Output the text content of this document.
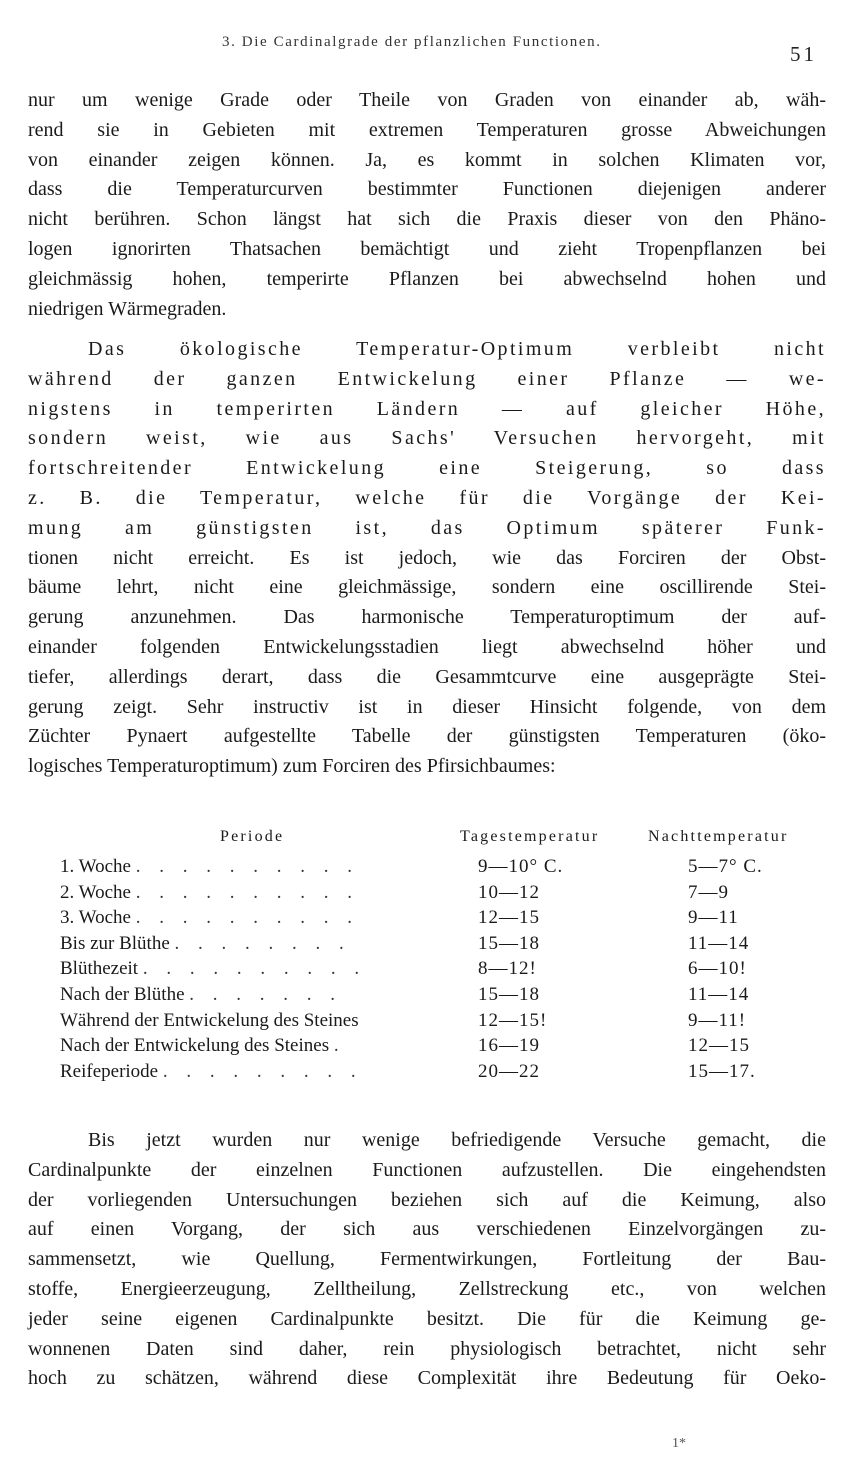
3. Die Cardinalgrade der pflanzlichen Functionen.	51
nur um wenige Grade oder Theile von Graden von einander ab, wäh-
rend sie in Gebieten mit extremen Temperaturen grosse Abweichungen
von einander zeigen können. Ja, es kommt in solchen Klimaten vor,
dass die Temperaturcurven bestimmter Functionen diejenigen anderer
nicht berühren. Schon längst hat sich die Praxis dieser von den Phäno-
logen ignorirten Thatsachen bemächtigt und zieht Tropenpflanzen bei
gleichmässig hohen, temperirte Pflanzen bei abwechselnd hohen und
niedrigen Wärmegraden.
Das ökologische Temperatur-Optimum verbleibt nicht
während der ganzen Entwickelung einer Pflanze — we-
nigstens in temperirten Ländern — auf gleicher Höhe,
sondern weist, wie aus Sachs' Versuchen hervorgeht, mit
fortschreitender Entwickelung eine Steigerung, so dass
z. B. die Temperatur, welche für die Vorgänge der Kei-
mung am günstigsten ist, das Optimum späterer Funk-
tionen nicht erreicht. Es ist jedoch, wie das Forciren der Obst-
bäume lehrt, nicht eine gleichmässige, sondern eine oscillirende Stei-
gerung anzunehmen. Das harmonische Temperaturoptimum der auf-
einander folgenden Entwickelungsstadien liegt abwechselnd höher und
tiefer, allerdings derart, dass die Gesammtcurve eine ausgeprägte Stei-
gerung zeigt. Sehr instructiv ist in dieser Hinsicht folgende, von dem
Züchter Pynaert aufgestellte Tabelle der günstigsten Temperaturen (öko-
logisches Temperaturoptimum) zum Forciren des Pfirsichbaumes:
Periode	Tagestemperatur	Nachttemperatur
1. Woche . . . . . . . . . .	9—10° C.	5—7° C.
2. Woche . . . . . . . . . .	10—12	7—9
3. Woche . . . . . . . . . .	12—15	9—11
Bis zur Blüthe . . . . . . . .	15—18	11—14
Blüthezeit . . . . . . . . . .	8—12!	6—10!
Nach der Blüthe . . . . . . .	15—18	11—14
Während der Entwickelung des Steines	12—15!	9—11!
Nach der Entwickelung des Steines .	16—19	12—15
Reifeperiode . . . . . . . . .	20—22	15—17.
Bis jetzt wurden nur wenige befriedigende Versuche gemacht, die
Cardinalpunkte der einzelnen Functionen aufzustellen. Die eingehendsten
der vorliegenden Untersuchungen beziehen sich auf die Keimung, also
auf einen Vorgang, der sich aus verschiedenen Einzelvorgängen zu-
sammensetzt, wie Quellung, Fermentwirkungen, Fortleitung der Bau-
stoffe, Energieerzeugung, Zelltheilung, Zellstreckung etc., von welchen
jeder seine eigenen Cardinalpunkte besitzt. Die für die Keimung ge-
wonnenen Daten sind daher, rein physiologisch betrachtet, nicht sehr
hoch zu schätzen, während diese Complexität ihre Bedeutung für Oeko-
1*
